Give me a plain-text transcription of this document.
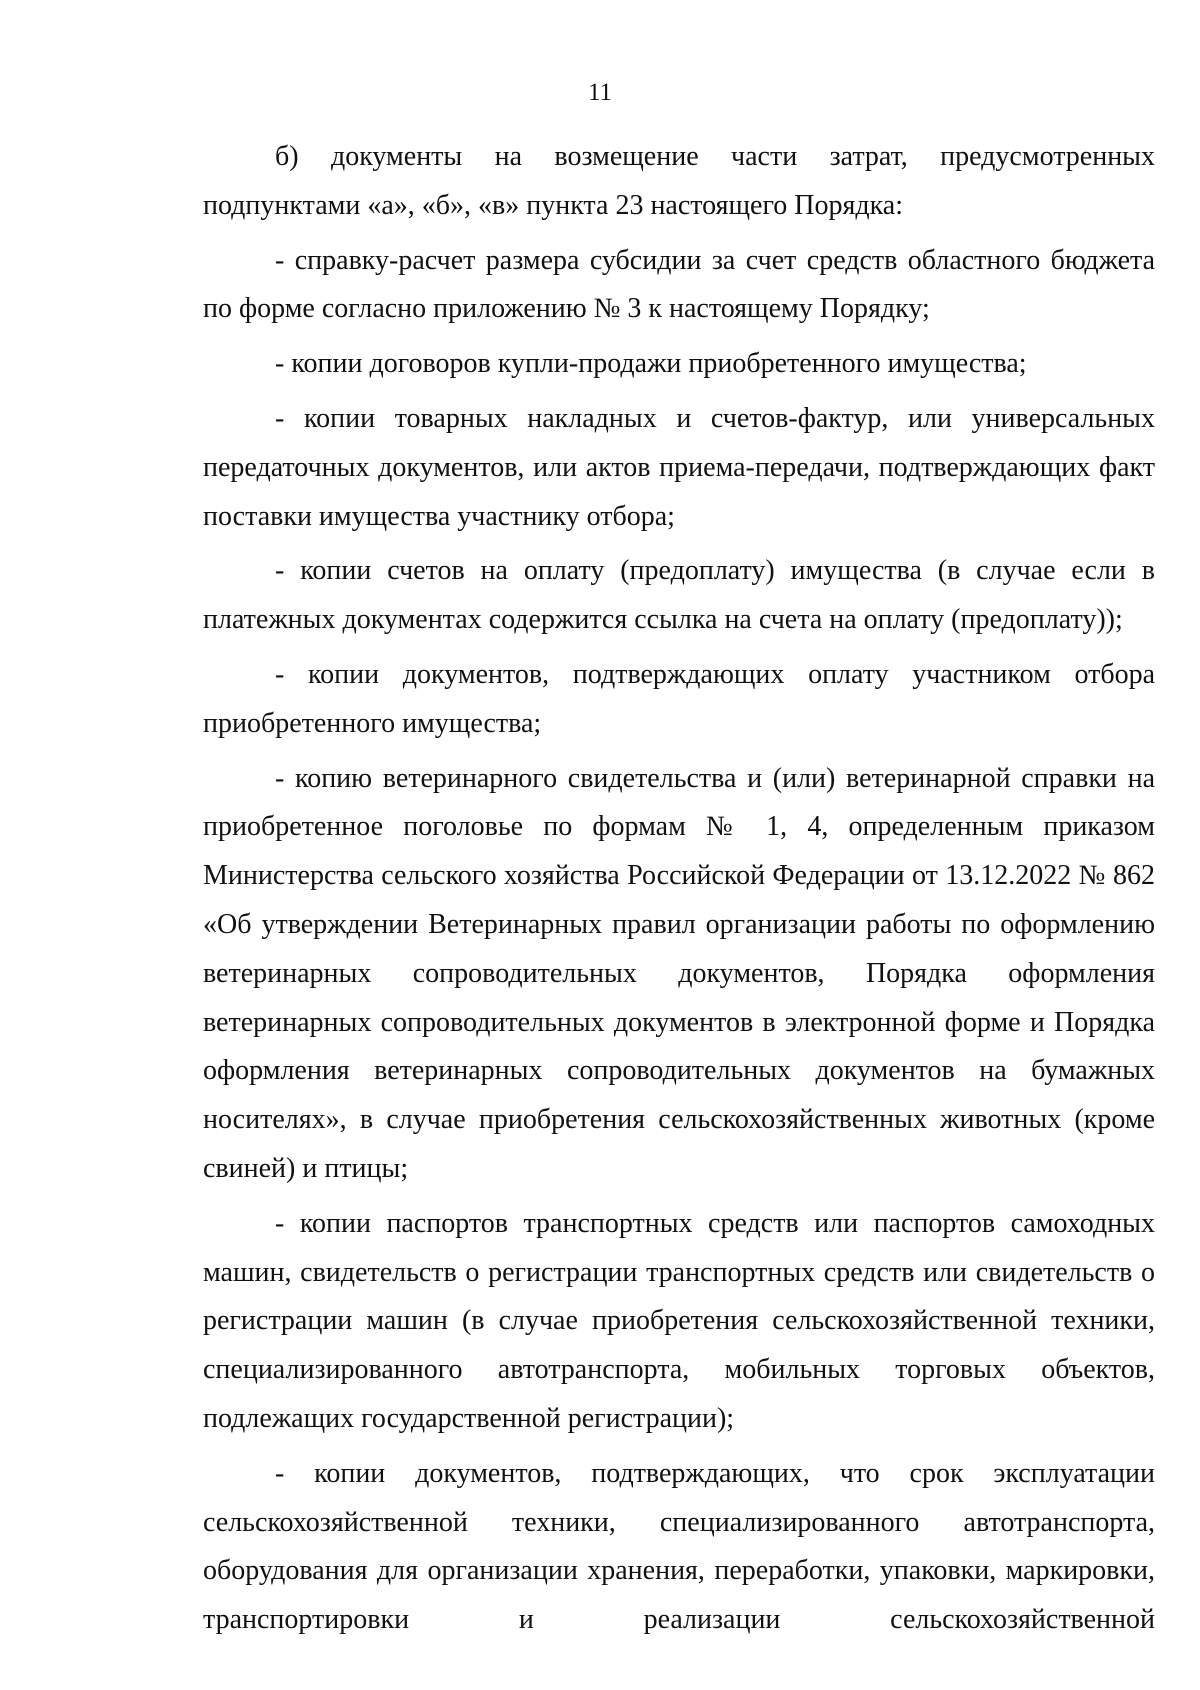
11

б) документы на возмещение части затрат, предусмотренных подпунктами «а», «б», «в» пункта 23 настоящего Порядка:

- справку-расчет размера субсидии за счет средств областного бюджета по форме согласно приложению № 3 к настоящему Порядку;

- копии договоров купли-продажи приобретенного имущества;

- копии товарных накладных и счетов-фактур, или универсальных передаточных документов, или актов приема-передачи, подтверждающих факт поставки имущества участнику отбора;

- копии счетов на оплату (предоплату) имущества (в случае если в платежных документах содержится ссылка на счета на оплату (предоплату));

- копии документов, подтверждающих оплату участником отбора приобретенного имущества;

- копию ветеринарного свидетельства и (или) ветеринарной справки на приобретенное поголовье по формам № 1, 4, определенным приказом Министерства сельского хозяйства Российской Федерации от 13.12.2022 № 862 «Об утверждении Ветеринарных правил организации работы по оформлению ветеринарных сопроводительных документов, Порядка оформления ветеринарных сопроводительных документов в электронной форме и Порядка оформления ветеринарных сопроводительных документов на бумажных носителях», в случае приобретения сельскохозяйственных животных (кроме свиней) и птицы;

- копии паспортов транспортных средств или паспортов самоходных машин, свидетельств о регистрации транспортных средств или свидетельств о регистрации машин (в случае приобретения сельскохозяйственной техники, специализированного автотранспорта, мобильных торговых объектов, подлежащих государственной регистрации);

- копии документов, подтверждающих, что срок эксплуатации сельскохозяйственной техники, специализированного автотранспорта, оборудования для организации хранения, переработки, упаковки, маркировки, транспортировки и реализации сельскохозяйственной
